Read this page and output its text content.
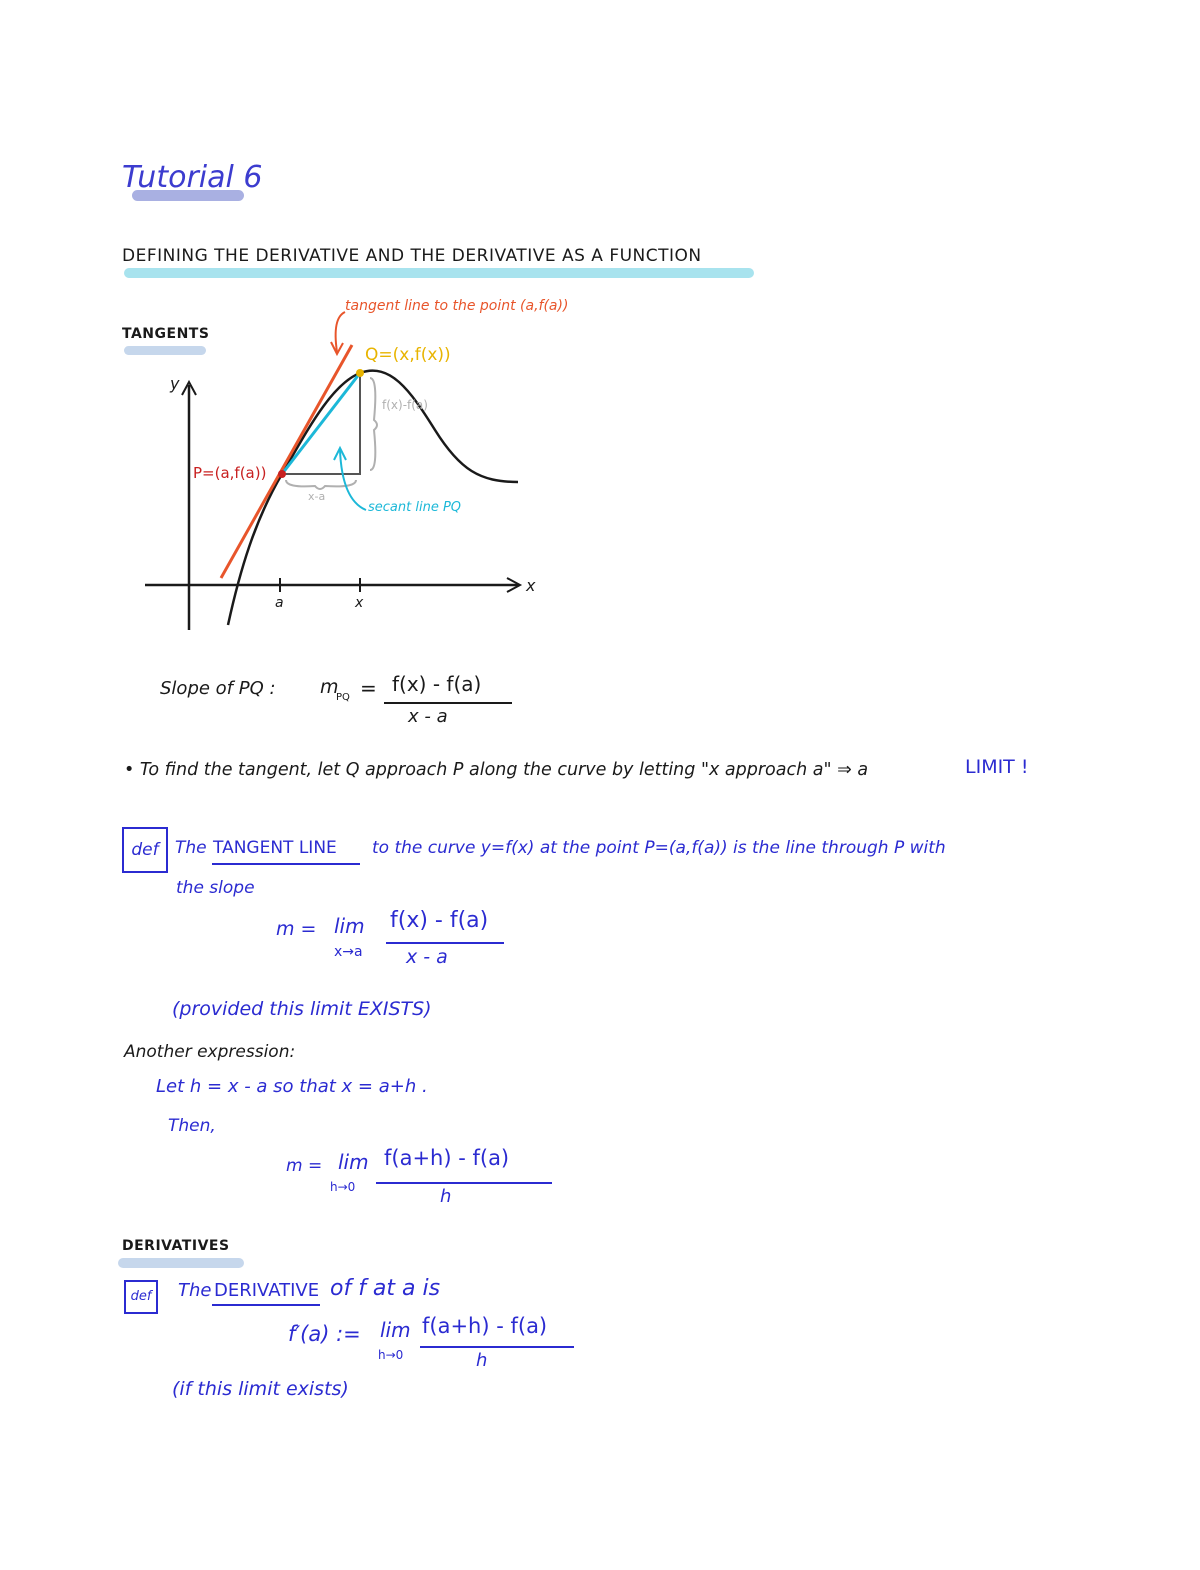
Tutorial 6
DEFINING THE DERIVATIVE AND THE DERIVATIVE AS A FUNCTION
TANGENTS
tangent line to the point (a,f(a))
Q=(x,f(x))
P=(a,f(a))
f(x)-f(a)
x-a
secant line PQ
y
x
a	x
Slope of PQ : m
PQ = f(x) - f(a)
x - a
• To find the tangent, let Q approach P along the curve by letting "x approach a" ⇒ a	LIMIT !
def The TANGENT LINE to the curve y=f(x) at the point P=(a,f(a)) is the line through P with
the slope
m = lim
x→a
f(x) - f(a)
x - a
(provided this limit EXISTS)
Another expression:
Let h = x - a so that x = a+h .
Then,
m = lim
h→0
f(a+h) - f(a)
h
DERIVATIVES
def	The DERIVATIVE of f at a is
f′(a) := lim
h→0
f(a+h) - f(a)
h
(if this limit exists)
